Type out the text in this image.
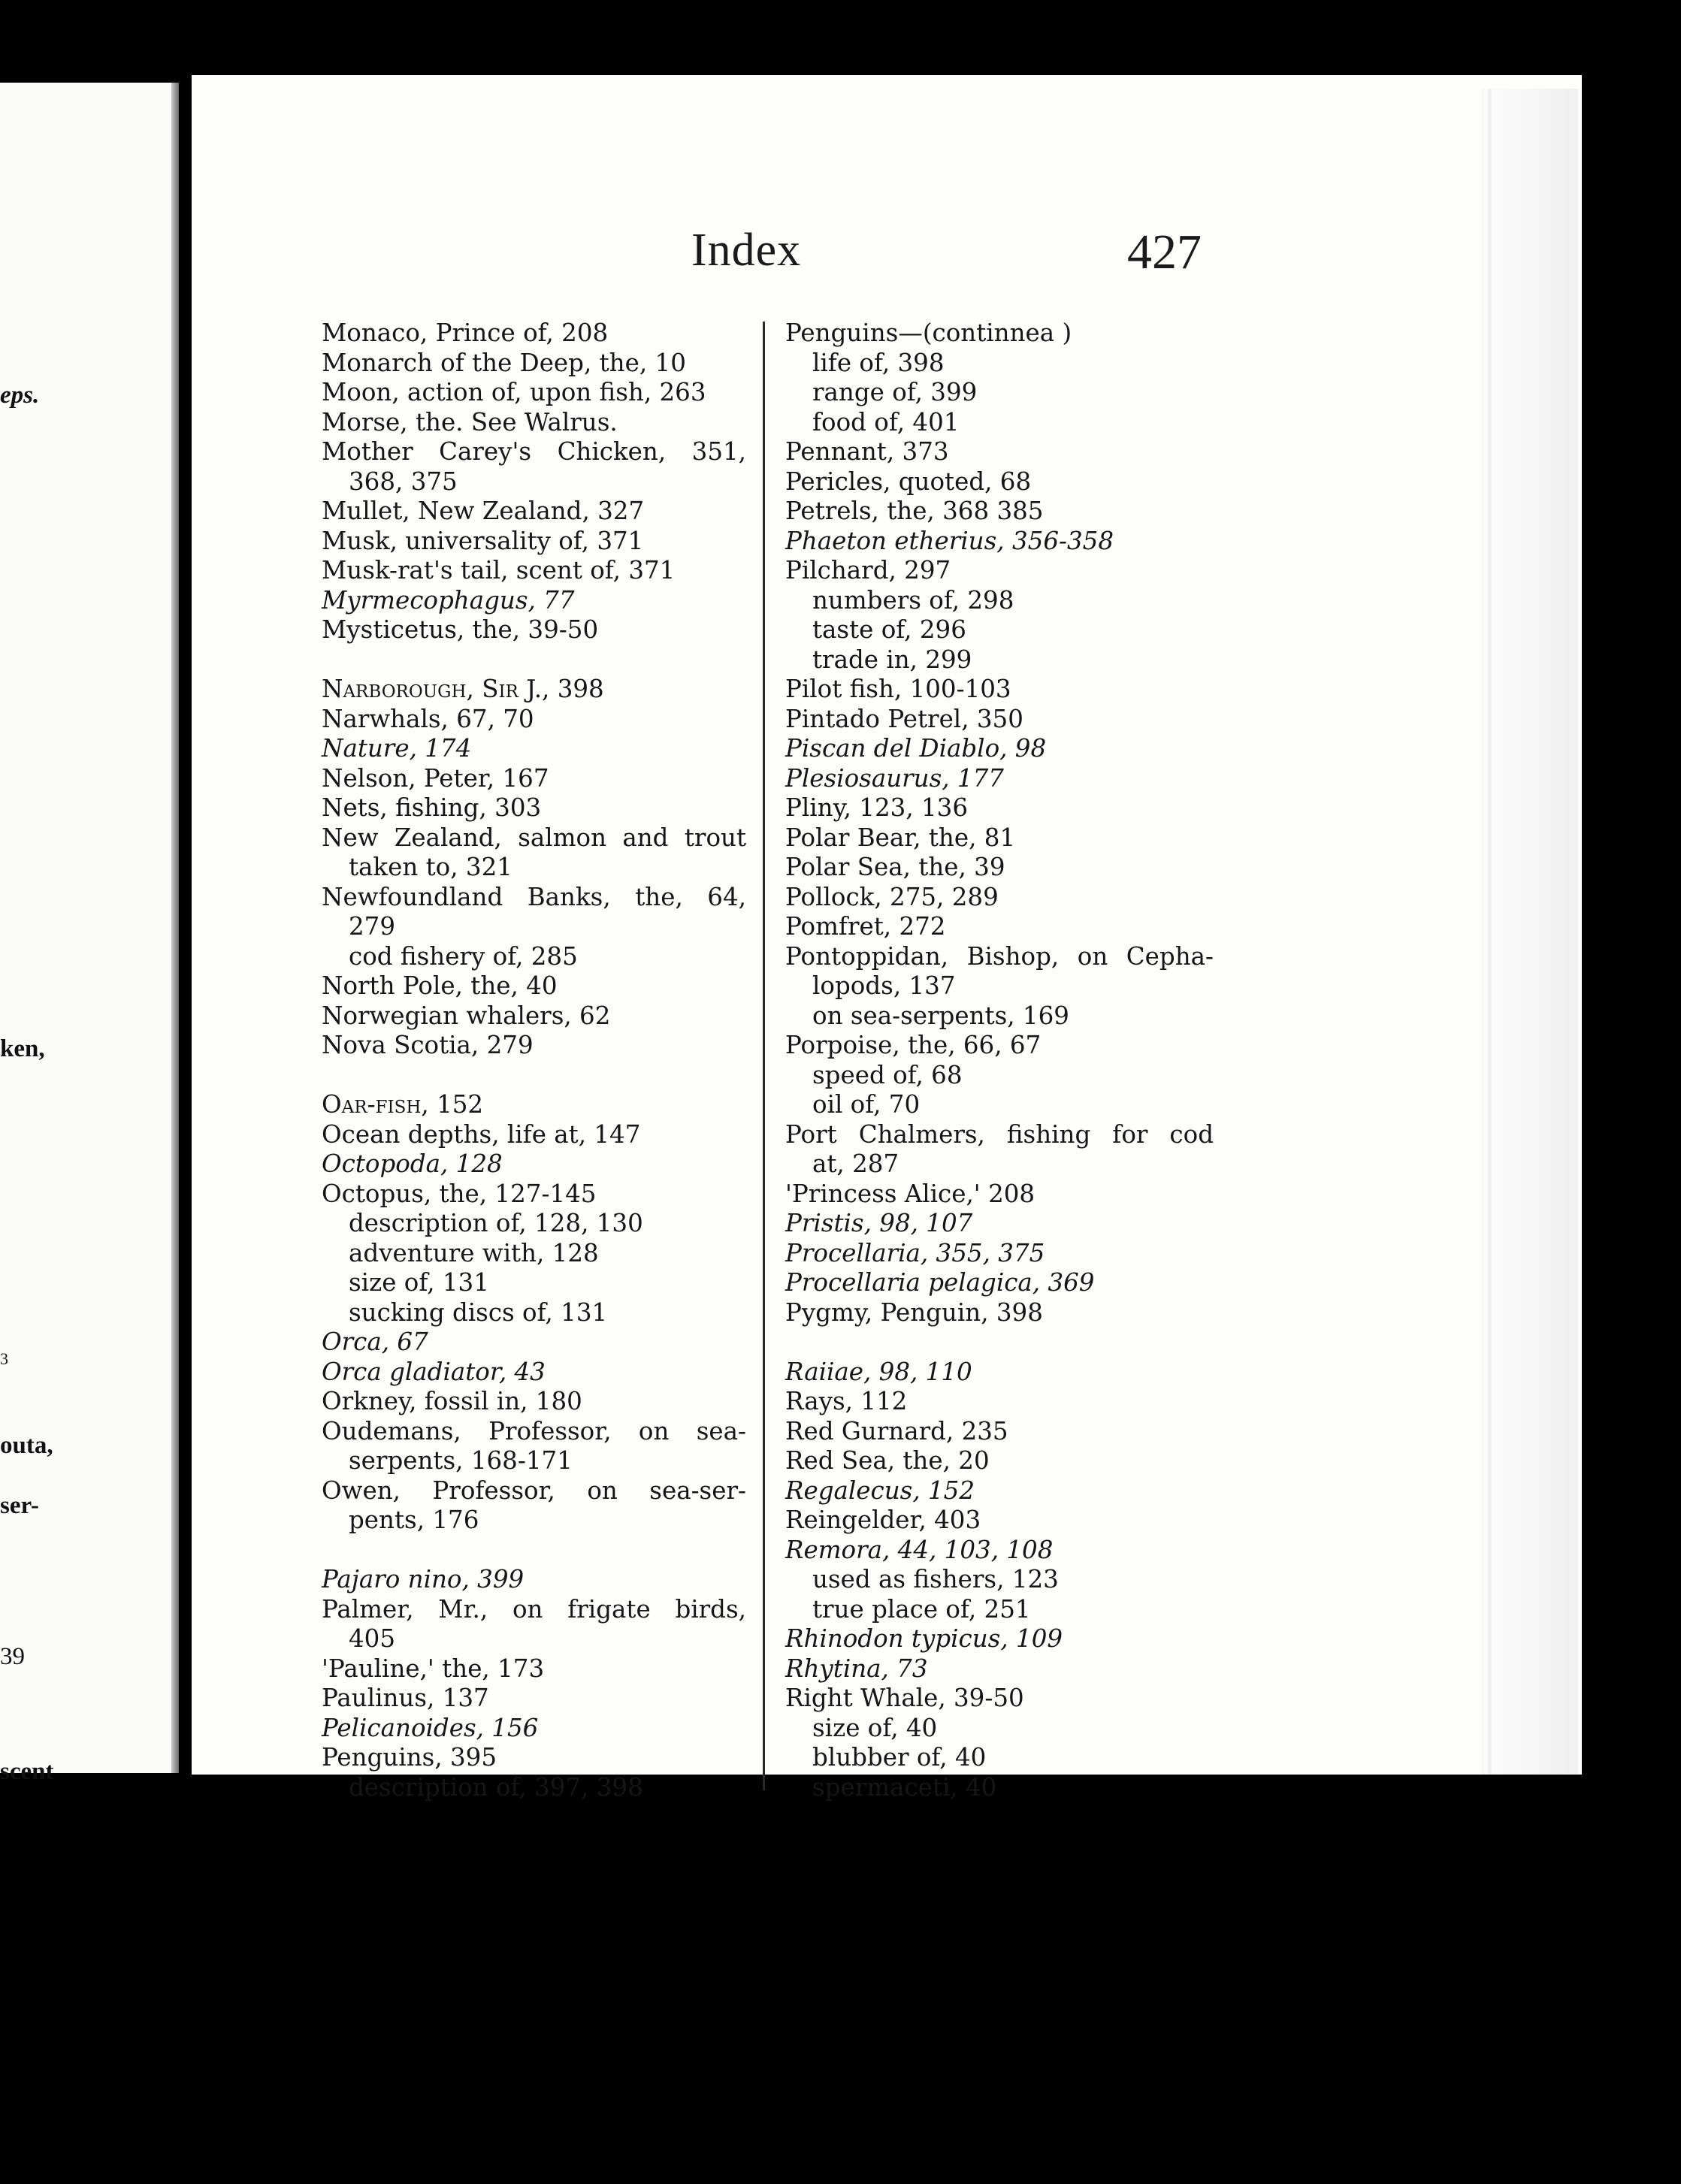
eps.
ken,
3
outa,
ser-
39
scent
Index	427
Monaco, Prince of, 208
Monarch of the Deep, the, 10
Moon, action of, upon fish, 263
Morse, the. See Walrus.
Mother Carey's Chicken, 351,
368, 375
Mullet, New Zealand, 327
Musk, universality of, 371
Musk-rat's tail, scent of, 371
Myrmecophagus, 77
Mysticetus, the, 39-50
Narborough, Sir J., 398
Narwhals, 67, 70
Nature, 174
Nelson, Peter, 167
Nets, fishing, 303
New Zealand, salmon and trout
taken to, 321
Newfoundland Banks, the, 64,
279
cod fishery of, 285
North Pole, the, 40
Norwegian whalers, 62
Nova Scotia, 279
Oar-fish, 152
Ocean depths, life at, 147
Octopoda, 128
Octopus, the, 127-145
description of, 128, 130
adventure with, 128
size of, 131
sucking discs of, 131
Orca, 67
Orca gladiator, 43
Orkney, fossil in, 180
Oudemans, Professor, on sea-
serpents, 168-171
Owen, Professor, on sea-ser-
pents, 176
Pajaro nino, 399
Palmer, Mr., on frigate birds,
405
'Pauline,' the, 173
Paulinus, 137
Pelicanoides, 156
Penguins, 395
description of, 397, 398
Penguins—(continnea )
life of, 398
range of, 399
food of, 401
Pennant, 373
Pericles, quoted, 68
Petrels, the, 368 385
Phaeton etherius, 356-358
Pilchard, 297
numbers of, 298
taste of, 296
trade in, 299
Pilot fish, 100-103
Pintado Petrel, 350
Piscan del Diablo, 98
Plesiosaurus, 177
Pliny, 123, 136
Polar Bear, the, 81
Polar Sea, the, 39
Pollock, 275, 289
Pomfret, 272
Pontoppidan, Bishop, on Cepha-
lopods, 137
on sea-serpents, 169
Porpoise, the, 66, 67
speed of, 68
oil of, 70
Port Chalmers, fishing for cod
at, 287
'Princess Alice,' 208
Pristis, 98, 107
Procellaria, 355, 375
Procellaria pelagica, 369
Pygmy, Penguin, 398
Raiiae, 98, 110
Rays, 112
Red Gurnard, 235
Red Sea, the, 20
Regalecus, 152
Reingelder, 403
Remora, 44, 103, 108
used as fishers, 123
true place of, 251
Rhinodon typicus, 109
Rhytina, 73
Right Whale, 39-50
size of, 40
blubber of, 40
spermaceti, 40
